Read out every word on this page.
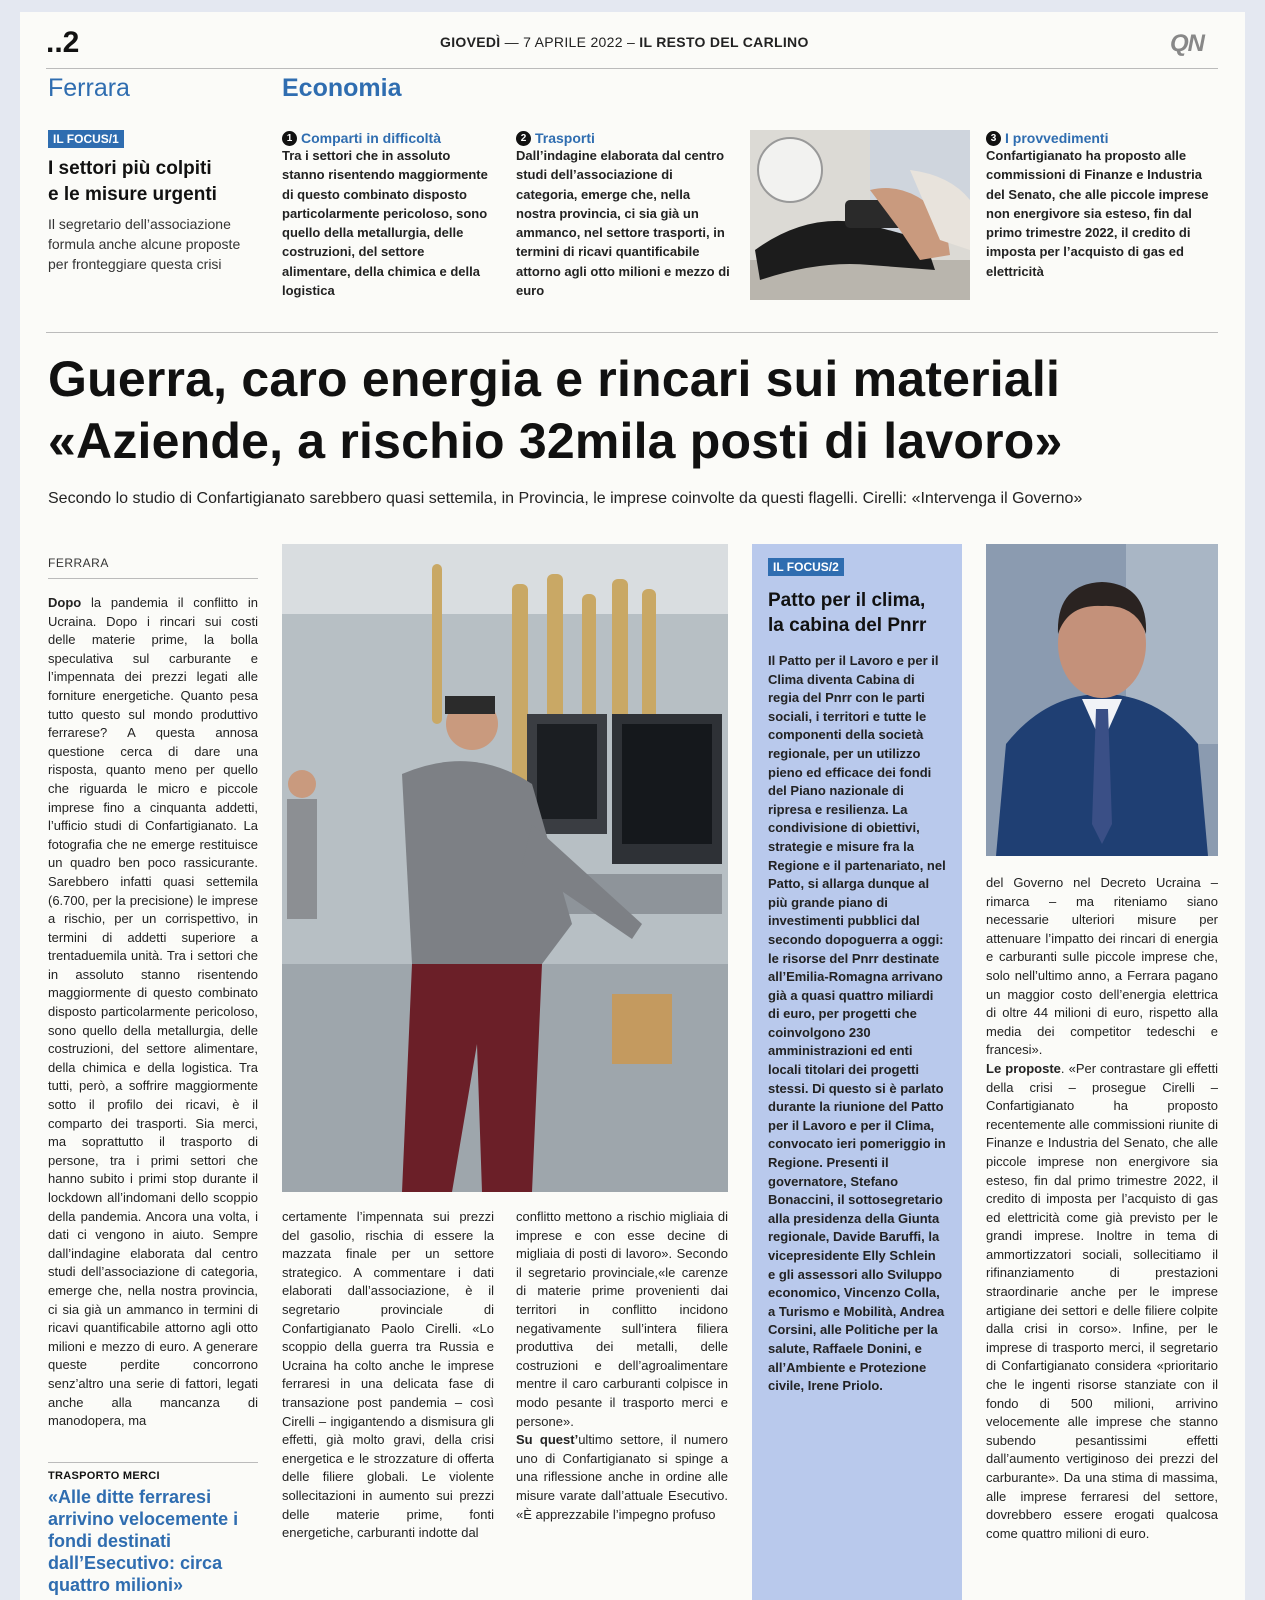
..2	GIOVEDÌ — 7 APRILE 2022 – IL RESTO DEL CARLINO	QN
Ferrara	Economia
IL FOCUS/1
I settori più colpiti
e le misure urgenti
Il segretario dell’associazione formula anche alcune proposte per fronteggiare questa crisi
1 Comparti in difficoltà
Tra i settori che in assoluto stanno risentendo maggiormente di questo combinato disposto particolarmente pericoloso, sono quello della metallurgia, delle costruzioni, del settore alimentare, della chimica e della logistica
2 Trasporti
Dall’indagine elaborata dal centro studi dell’associazione di categoria, emerge che, nella nostra provincia, ci sia già un ammanco, nel settore trasporti, in termini di ricavi quantificabile attorno agli otto milioni e mezzo di euro
3 I provvedimenti
Confartigianato ha proposto alle commissioni di Finanze e Industria del Senato, che alle piccole imprese non energivore sia esteso, fin dal primo trimestre 2022, il credito di imposta per l’acquisto di gas ed elettricità
Guerra, caro energia e rincari sui materiali
«Aziende, a rischio 32mila posti di lavoro»
Secondo lo studio di Confartigianato sarebbero quasi settemila, in Provincia, le imprese coinvolte da questi flagelli. Cirelli: «Intervenga il Governo»
FERRARA
Dopo la pandemia il conflitto in Ucraina. Dopo i rincari sui costi delle materie prime, la bolla speculativa sul carburante e l’impennata dei prezzi legati alle forniture energetiche. Quanto pesa tutto questo sul mondo produttivo ferrarese? A questa annosa questione cerca di dare una risposta, quanto meno per quello che riguarda le micro e piccole imprese fino a cinquanta addetti, l’ufficio studi di Confartigianato. La fotografia che ne emerge restituisce un quadro ben poco rassicurante. Sarebbero infatti quasi settemila (6.700, per la precisione) le imprese a rischio, per un corrispettivo, in termini di addetti superiore a trentaduemila unità. Tra i settori che in assoluto stanno risentendo maggiormente di questo combinato disposto particolarmente pericoloso, sono quello della metallurgia, delle costruzioni, del settore alimentare, della chimica e della logistica. Tra tutti, però, a soffrire maggiormente sotto il profilo dei ricavi, è il comparto dei trasporti. Sia merci, ma soprattutto il trasporto di persone, tra i primi settori che hanno subito i primi stop durante il lockdown all’indomani dello scoppio della pandemia. Ancora una volta, i dati ci vengono in aiuto. Sempre dall’indagine elaborata dal centro studi dell’associazione di categoria, emerge che, nella nostra provincia, ci sia già un ammanco in termini di ricavi quantificabile attorno agli otto milioni e mezzo di euro. A generare queste perdite concorrono senz’altro una serie di fattori, legati anche alla mancanza di manodopera, ma
TRASPORTO MERCI
«Alle ditte ferraresi arrivino velocemente i fondi destinati dall’Esecutivo: circa quattro milioni»
certamente l’impennata sui prezzi del gasolio, rischia di essere la mazzata finale per un settore strategico. A commentare i dati elaborati dall’associazione, è il segretario provinciale di Confartigianato Paolo Cirelli. «Lo scoppio della guerra tra Russia e Ucraina ha colto anche le imprese ferraresi in una delicata fase di transazione post pandemia – così Cirelli – ingigantendo a dismisura gli effetti, già molto gravi, della crisi energetica e le strozzature di offerta delle filiere globali. Le violente sollecitazioni in aumento sui prezzi delle materie prime, fonti energetiche, carburanti indotte dal
conflitto mettono a rischio migliaia di imprese e con esse decine di migliaia di posti di lavoro». Secondo il segretario provinciale,«le carenze di materie prime provenienti dai territori in conflitto incidono negativamente sull’intera filiera produttiva dei metalli, delle costruzioni e dell’agroalimentare mentre il caro carburanti colpisce in modo pesante il trasporto merci e persone».
Su quest’ultimo settore, il numero uno di Confartigianato si spinge a una riflessione anche in ordine alle misure varate dall’attuale Esecutivo. «È apprezzabile l’impegno profuso
IL FOCUS/2
Patto per il clima,
la cabina del Pnrr
Il Patto per il Lavoro e per il Clima diventa Cabina di regia del Pnrr con le parti sociali, i territori e tutte le componenti della società regionale, per un utilizzo pieno ed efficace dei fondi del Piano nazionale di ripresa e resilienza. La condivisione di obiettivi, strategie e misure fra la Regione e il partenariato, nel Patto, si allarga dunque al più grande piano di investimenti pubblici dal secondo dopoguerra a oggi: le risorse del Pnrr destinate all’Emilia-Romagna arrivano già a quasi quattro miliardi di euro, per progetti che coinvolgono 230 amministrazioni ed enti locali titolari dei progetti stessi. Di questo si è parlato durante la riunione del Patto per il Lavoro e per il Clima, convocato ieri pomeriggio in Regione. Presenti il governatore, Stefano Bonaccini, il sottosegretario alla presidenza della Giunta regionale, Davide Baruffi, la vicepresidente Elly Schlein e gli assessori allo Sviluppo economico, Vincenzo Colla, a Turismo e Mobilità, Andrea Corsini, alle Politiche per la salute, Raffaele Donini, e all’Ambiente e Protezione civile, Irene Priolo.
del Governo nel Decreto Ucraina – rimarca – ma riteniamo siano necessarie ulteriori misure per attenuare l’impatto dei rincari di energia e carburanti sulle piccole imprese che, solo nell’ultimo anno, a Ferrara pagano un maggior costo dell’energia elettrica di oltre 44 milioni di euro, rispetto alla media dei competitor tedeschi e francesi».
Le proposte. «Per contrastare gli effetti della crisi – prosegue Cirelli – Confartigianato ha proposto recentemente alle commissioni riunite di Finanze e Industria del Senato, che alle piccole imprese non energivore sia esteso, fin dal primo trimestre 2022, il credito di imposta per l’acquisto di gas ed elettricità come già previsto per le grandi imprese. Inoltre in tema di ammortizzatori sociali, sollecitiamo il rifinanziamento di prestazioni straordinarie anche per le imprese artigiane dei settori e delle filiere colpite dalla crisi in corso». Infine, per le imprese di trasporto merci, il segretario di Confartigianato considera «prioritario che le ingenti risorse stanziate con il fondo di 500 milioni, arrivino velocemente alle imprese che stanno subendo pesantissimi effetti dall’aumento vertiginoso dei prezzi del carburante». Da una stima di massima, alle imprese ferraresi del settore, dovrebbero essere erogati qualcosa come quattro milioni di euro.
